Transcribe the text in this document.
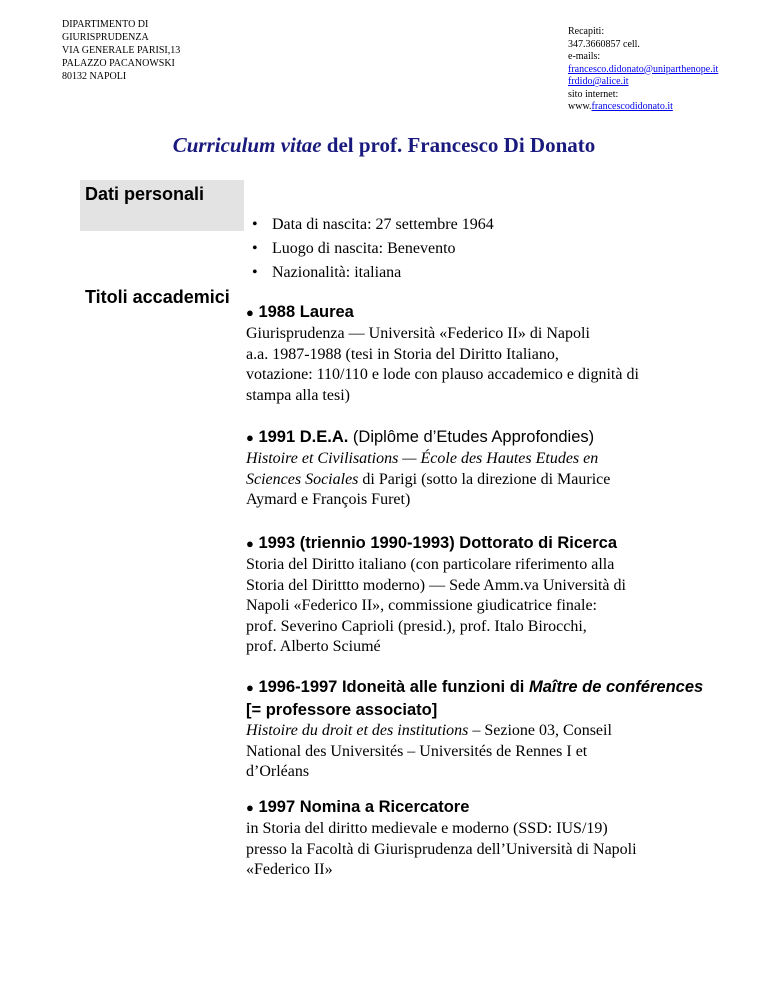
DIPARTIMENTO DI
GIURISPRUDENZA
VIA GENERALE PARISI,13
PALAZZO PACANOWSKI
80132 NAPOLI
Recapiti:
347.3660857 cell.
e-mails:
francesco.didonato@uniparthenope.it
frdido@alice.it
sito internet:
www.francescodidonato.it
Curriculum vitae del prof. Francesco Di Donato
Dati personali
• Data di nascita: 27 settembre 1964
• Luogo di nascita: Benevento
• Nazionalità: italiana
Titoli accademici
● 1988 Laurea
Giurisprudenza — Università «Federico II» di Napoli
a.a. 1987-1988 (tesi in Storia del Diritto Italiano,
votazione: 110/110 e lode con plauso accademico e dignità di
stampa alla tesi)
● 1991 D.E.A. (Diplôme d’Etudes Approfondies)
Histoire et Civilisations — École des Hautes Etudes en
Sciences Sociales di Parigi (sotto la direzione di Maurice
Aymard e François Furet)
● 1993 (triennio 1990-1993) Dottorato di Ricerca
Storia del Diritto italiano (con particolare riferimento alla
Storia del Dirittto moderno) — Sede Amm.va Università di
Napoli «Federico II», commissione giudicatrice finale:
prof. Severino Caprioli (presid.), prof. Italo Birocchi,
prof. Alberto Sciumé
● 1996-1997 Idoneità alle funzioni di Maître de conférences [= professore associato]
Histoire du droit et des institutions – Sezione 03, Conseil
National des Universités – Universités de Rennes I et
d’Orléans
● 1997 Nomina a Ricercatore
in Storia del diritto medievale e moderno (SSD: IUS/19)
presso la Facoltà di Giurisprudenza dell’Università di Napoli
«Federico II»
